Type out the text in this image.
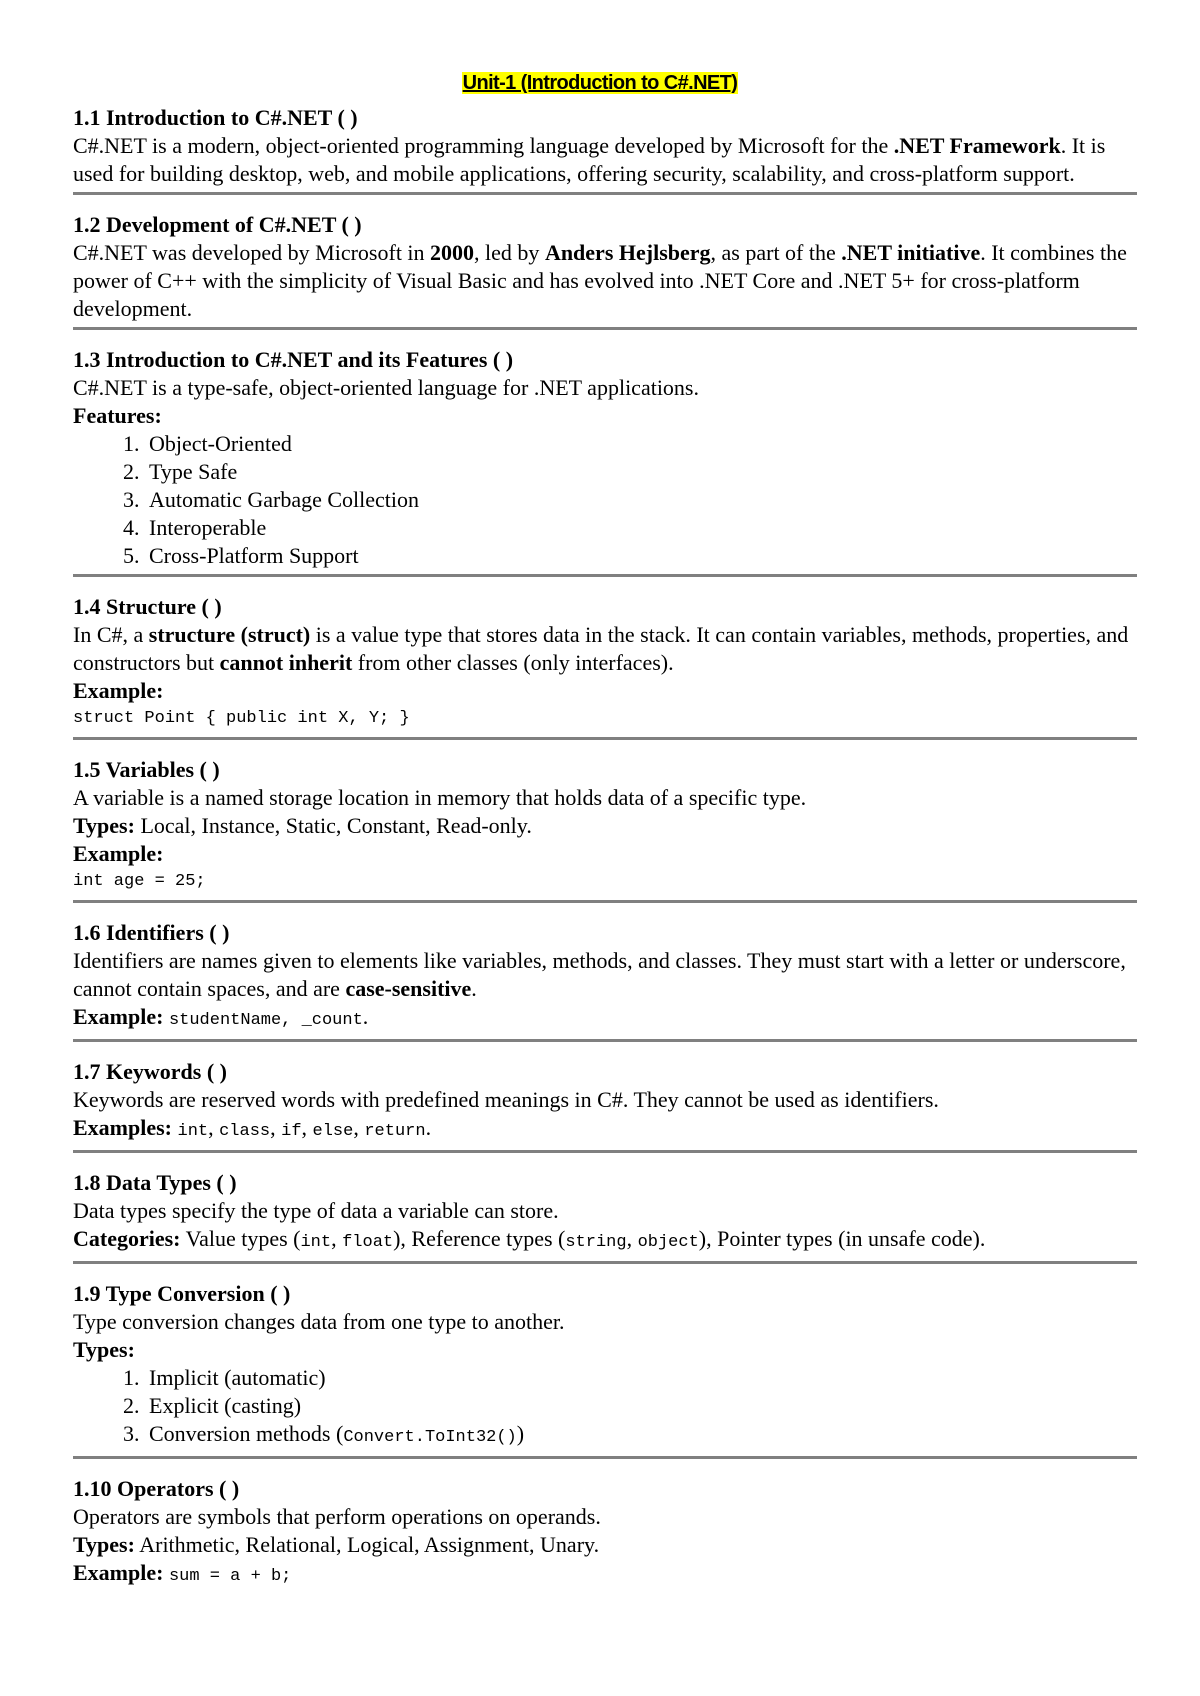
Unit-1 (Introduction to C#.NET)
1.1 Introduction to C#.NET ( )
C#.NET is a modern, object-oriented programming language developed by Microsoft for the .NET Framework. It is used for building desktop, web, and mobile applications, offering security, scalability, and cross-platform support.
1.2 Development of C#.NET ( )
C#.NET was developed by Microsoft in 2000, led by Anders Hejlsberg, as part of the .NET initiative. It combines the power of C++ with the simplicity of Visual Basic and has evolved into .NET Core and .NET 5+ for cross-platform development.
1.3 Introduction to C#.NET and its Features ( )
C#.NET is a type-safe, object-oriented language for .NET applications.
Features:
1. Object-Oriented
2. Type Safe
3. Automatic Garbage Collection
4. Interoperable
5. Cross-Platform Support
1.4 Structure ( )
In C#, a structure (struct) is a value type that stores data in the stack. It can contain variables, methods, properties, and constructors but cannot inherit from other classes (only interfaces).
Example:
struct Point { public int X, Y; }
1.5 Variables ( )
A variable is a named storage location in memory that holds data of a specific type.
Types: Local, Instance, Static, Constant, Read-only.
Example:
int age = 25;
1.6 Identifiers ( )
Identifiers are names given to elements like variables, methods, and classes. They must start with a letter or underscore, cannot contain spaces, and are case-sensitive.
Example: studentName, _count.
1.7 Keywords ( )
Keywords are reserved words with predefined meanings in C#. They cannot be used as identifiers.
Examples: int, class, if, else, return.
1.8 Data Types ( )
Data types specify the type of data a variable can store.
Categories: Value types (int, float), Reference types (string, object), Pointer types (in unsafe code).
1.9 Type Conversion ( )
Type conversion changes data from one type to another.
Types:
1. Implicit (automatic)
2. Explicit (casting)
3. Conversion methods (Convert.ToInt32())
1.10 Operators ( )
Operators are symbols that perform operations on operands.
Types: Arithmetic, Relational, Logical, Assignment, Unary.
Example: sum = a + b;
